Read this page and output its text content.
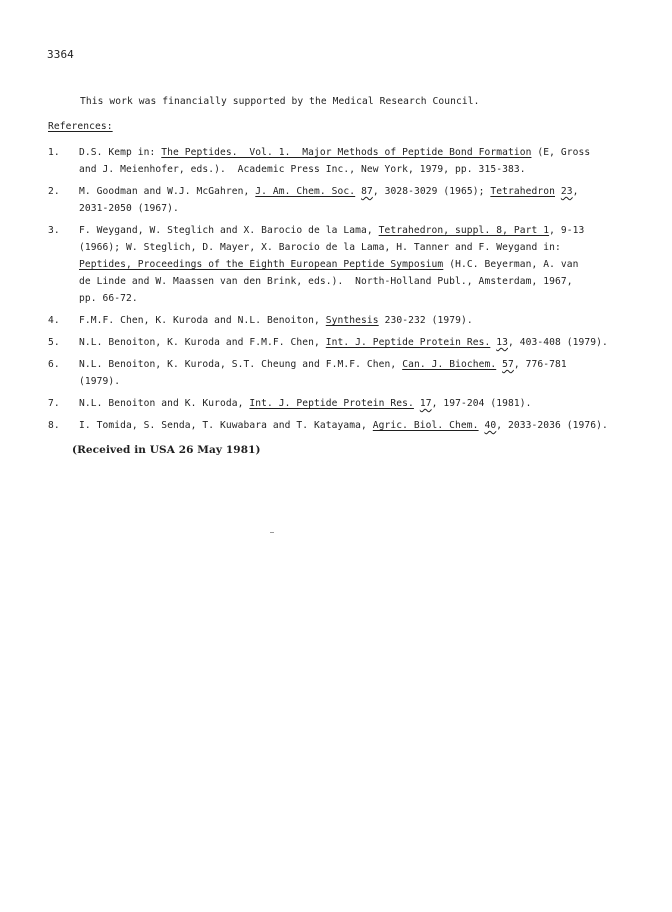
3364
This work was financially supported by the Medical Research Council.
References:
1. D.S. Kemp in: The Peptides.  Vol. 1.  Major Methods of Peptide Bond Formation (E, Gross
and J. Meienhofer, eds.).  Academic Press Inc., New York, 1979, pp. 315-383.
2. M. Goodman and W.J. McGahren, J. Am. Chem. Soc. 87, 3028-3029 (1965); Tetrahedron 23,
2031-2050 (1967).
3. F. Weygand, W. Steglich and X. Barocio de la Lama, Tetrahedron, suppl. 8, Part 1, 9-13
(1966); W. Steglich, D. Mayer, X. Barocio de la Lama, H. Tanner and F. Weygand in:
Peptides, Proceedings of the Eighth European Peptide Symposium (H.C. Beyerman, A. van
de Linde and W. Maassen van den Brink, eds.).  North-Holland Publ., Amsterdam, 1967,
pp. 66-72.
4. F.M.F. Chen, K. Kuroda and N.L. Benoiton, Synthesis 230-232 (1979).
5. N.L. Benoiton, K. Kuroda and F.M.F. Chen, Int. J. Peptide Protein Res. 13, 403-408 (1979).
6. N.L. Benoiton, K. Kuroda, S.T. Cheung and F.M.F. Chen, Can. J. Biochem. 57, 776-781
(1979).
7. N.L. Benoiton and K. Kuroda, Int. J. Peptide Protein Res. 17, 197-204 (1981).
8. I. Tomida, S. Senda, T. Kuwabara and T. Katayama, Agric. Biol. Chem. 40, 2033-2036 (1976).
(Received in USA 26 May 1981)
